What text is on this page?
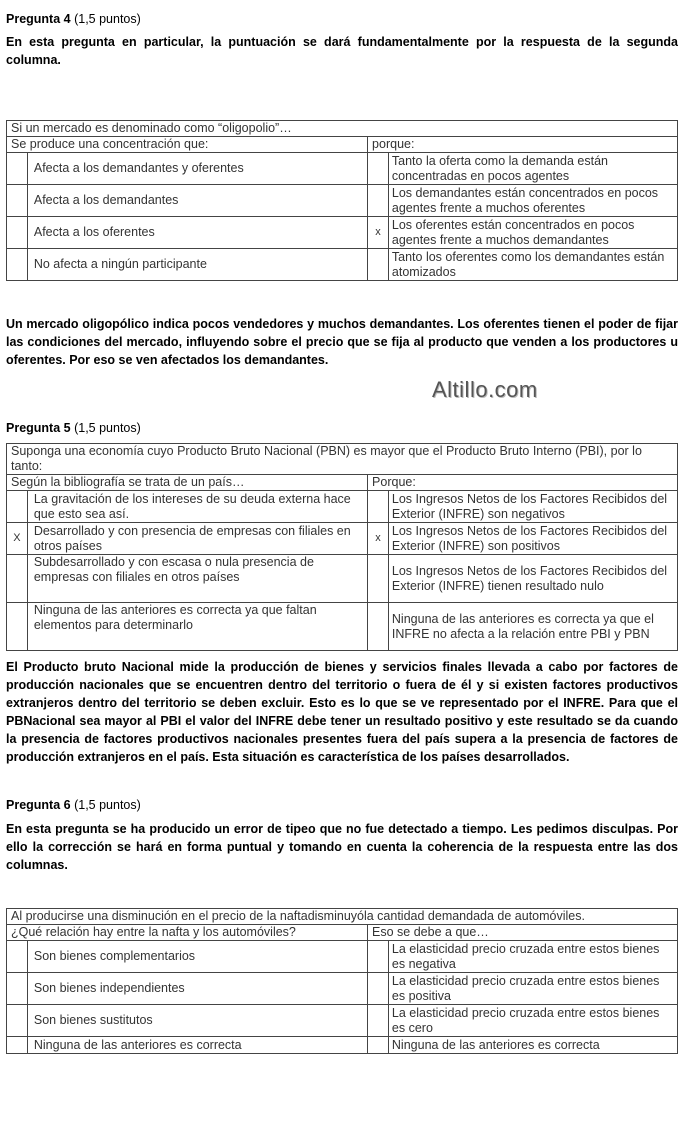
Pregunta 4 (1,5 puntos)

En esta pregunta en particular, la puntuación se dará fundamentalmente por la respuesta de la segunda columna.

Si un mercado es denominado como “oligopolio”…			
Se produce una concentración que:		porque:	
	Afecta a los demandantes y oferentes		Tanto la oferta como la demanda están concentradas en pocos agentes
	Afecta a los demandantes		Los demandantes están concentrados en pocos agentes frente a muchos oferentes
	Afecta a los oferentes	x	Los oferentes están concentrados en pocos agentes frente a muchos demandantes
	No afecta a ningún participante		Tanto los oferentes como los demandantes están atomizados

Un mercado oligopólico indica pocos vendedores y muchos demandantes. Los oferentes tienen el poder de fijar las condiciones del mercado, influyendo sobre el precio que se fija al producto que venden a los productores u oferentes. Por eso se ven afectados los demandantes.

Altillo.com

Pregunta 5 (1,5 puntos)

Suponga una economía cuyo Producto Bruto Nacional (PBN) es mayor que el Producto Bruto Interno (PBI), por lo tanto:			
Según la bibliografía se trata de un país…		Porque:	
	La gravitación de los intereses de su deuda externa hace que esto sea así.		Los Ingresos Netos de los Factores Recibidos del Exterior (INFRE) son negativos
X	Desarrollado y con presencia de empresas con filiales en otros países	x	Los Ingresos Netos de los Factores Recibidos del Exterior (INFRE) son positivos
	Subdesarrollado y con escasa o nula presencia de empresas con filiales en otros países		Los Ingresos Netos de los Factores Recibidos del Exterior (INFRE) tienen resultado nulo
	Ninguna de las anteriores es correcta ya que faltan elementos para determinarlo		Ninguna de las anteriores es correcta ya que el INFRE no afecta a la relación entre PBI y PBN

El Producto bruto Nacional mide la producción de bienes y servicios finales llevada a cabo por factores de producción nacionales que se encuentren dentro del territorio o fuera de él y si existen factores productivos extranjeros dentro del territorio se deben excluir. Esto es lo que se ve representado por el INFRE. Para que el PBNacional sea mayor al PBI el valor del INFRE debe tener un resultado positivo y este resultado se da cuando la presencia de factores productivos nacionales presentes fuera del país supera a la presencia de factores de producción extranjeros en el país. Esta situación es característica de los países desarrollados.

Pregunta 6 (1,5 puntos)

En esta pregunta se ha producido un error de tipeo que no fue detectado a tiempo. Les pedimos disculpas. Por ello la corrección se hará en forma puntual y tomando en cuenta la coherencia de la respuesta entre las dos columnas.

Al producirse una disminución en el precio de la naftadisminuyóla cantidad demandada de automóviles.			
¿Qué relación hay entre la nafta y los automóviles?		Eso se debe a que…	
	Son bienes complementarios		La elasticidad precio cruzada entre estos bienes es negativa
	Son bienes independientes		La elasticidad precio cruzada entre estos bienes es positiva
	Son bienes sustitutos		La elasticidad precio cruzada entre estos bienes es cero
	Ninguna de las anteriores es correcta		Ninguna de las anteriores es correcta
